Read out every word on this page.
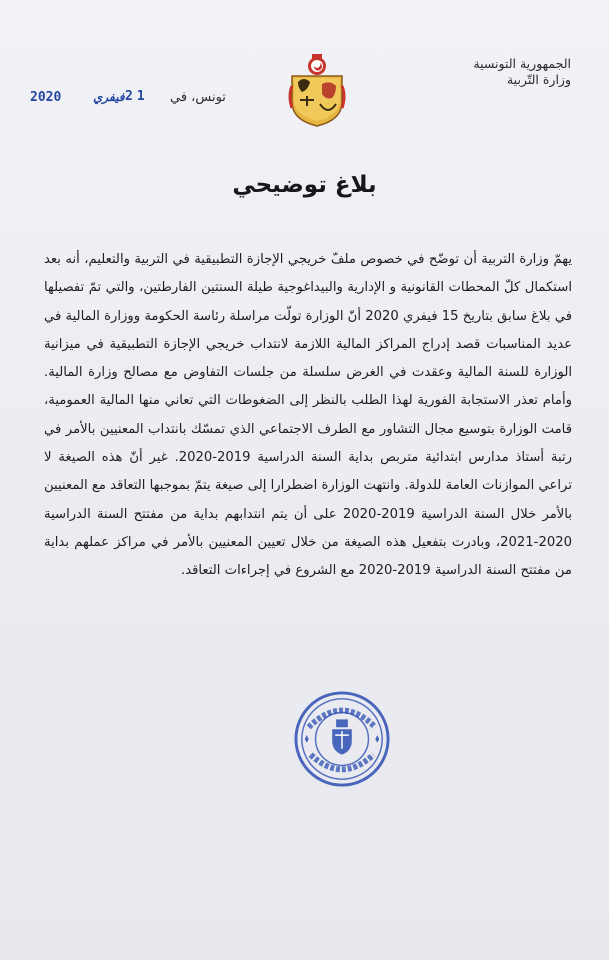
الجمهورية التونسية
وزارة التّربية
2020	فيفري 21 تونس، في
بلاغ توضيحي
يهمّ وزارة التربية أن توضّح في خصوص ملفّ خريجي الإجازة التطبيقية في التربية والتعليم، أنه بعد استكمال كلّ المحطات القانونية و الإدارية والبيداغوجية طيلة السنتين الفارطتين، والتي تمّ تفصيلها في بلاغ سابق بتاريخ 15 فيفري 2020 أنّ الوزارة تولّت مراسلة رئاسة الحكومة ووزارة المالية في عديد المناسبات قصد إدراج المراكز المالية اللازمة لانتداب خريجي الإجازة التطبيقية في ميزانية الوزارة للسنة المالية وعقدت في الغرض سلسلة من جلسات التفاوض مع مصالح وزارة المالية. وأمام تعذر الاستجابة الفورية لهذا الطلب بالنظر إلى الضغوطات التي تعاني منها المالية العمومية، قامت الوزارة بتوسيع مجال التشاور مع الطرف الاجتماعي الذي تمسّك بانتداب المعنيين بالأمر في رتبة أستاذ مدارس ابتدائية متربص بداية السنة الدراسية 2019-2020. غير أنّ هذه الصيغة لا تراعي الموازنات العامة للدولة. وانتهت الوزارة اضطرارا إلى صيغة يتمّ بموجبها التعاقد مع المعنيين بالأمر خلال السنة الدراسية 2019-2020 على أن يتم انتدابهم بداية من مفتتح السنة الدراسية 2020-2021، وبادرت بتفعيل هذه الصيغة من خلال تعيين المعنيين بالأمر في مراكز عملهم بداية من مفتتح السنة الدراسية 2019-2020 مع الشروع في إجراءات التعاقد.
